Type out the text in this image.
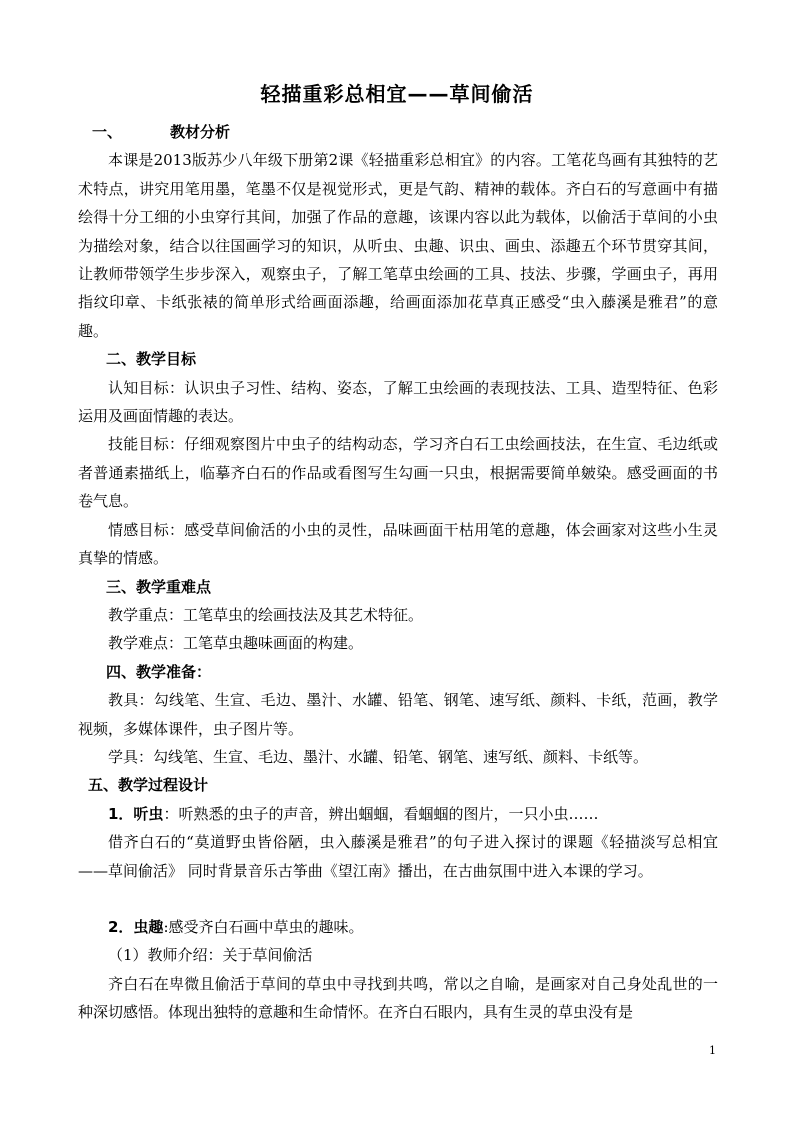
轻描重彩总相宜——草间偷活

一、	教材分析

本课是2013版苏少八年级下册第2课《轻描重彩总相宜》的内容。工笔花鸟画有其独特的艺术特点，讲究用笔用墨，笔墨不仅是视觉形式，更是气韵、精神的载体。齐白石的写意画中有描绘得十分工细的小虫穿行其间，加强了作品的意趣，该课内容以此为载体，以偷活于草间的小虫为描绘对象，结合以往国画学习的知识，从听虫、虫趣、识虫、画虫、添趣五个环节贯穿其间，让教师带领学生步步深入，观察虫子，了解工笔草虫绘画的工具、技法、步骤，学画虫子，再用指纹印章、卡纸张裱的简单形式给画面添趣，给画面添加花草真正感受“虫入藤溪是雅君”的意趣。

二、教学目标

认知目标：认识虫子习性、结构、姿态，了解工虫绘画的表现技法、工具、造型特征、色彩运用及画面情趣的表达。

技能目标：仔细观察图片中虫子的结构动态，学习齐白石工虫绘画技法，在生宣、毛边纸或者普通素描纸上，临摹齐白石的作品或看图写生勾画一只虫，根据需要简单皴染。感受画面的书卷气息。

情感目标：感受草间偷活的小虫的灵性，品味画面干枯用笔的意趣，体会画家对这些小生灵真挚的情感。

三、教学重难点

教学重点：工笔草虫的绘画技法及其艺术特征。

教学难点：工笔草虫趣味画面的构建。

四、教学准备：

教具：勾线笔、生宣、毛边、墨汁、水罐、铅笔、钢笔、速写纸、颜料、卡纸，范画，教学视频，多媒体课件，虫子图片等。

学具：勾线笔、生宣、毛边、墨汁、水罐、铅笔、钢笔、速写纸、颜料、卡纸等。

五、教学过程设计

1．听虫：听熟悉的虫子的声音，辨出蝈蝈，看蝈蝈的图片，一只小虫……

借齐白石的“莫道野虫皆俗陋，虫入藤溪是雅君”的句子进入探讨的课题《轻描淡写总相宜——草间偷活》 同时背景音乐古筝曲《望江南》播出，在古曲氛围中进入本课的学习。

2．虫趣:感受齐白石画中草虫的趣味。

（1）教师介绍：关于草间偷活

齐白石在卑微且偷活于草间的草虫中寻找到共鸣，常以之自喻，是画家对自己身处乱世的一种深切感悟。体现出独特的意趣和生命情怀。在齐白石眼内，具有生灵的草虫没有是

1
